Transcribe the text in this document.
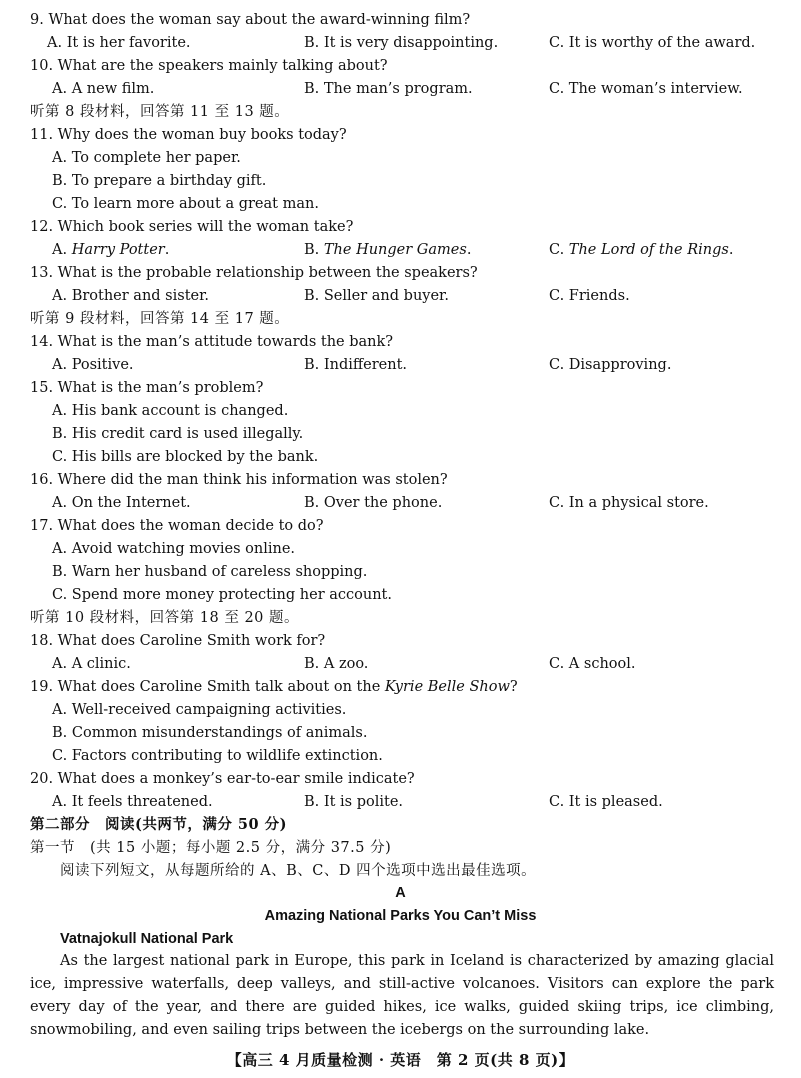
9. What does the woman say about the award-winning film?
A. It is her favorite.	B. It is very disappointing.	C. It is worthy of the award.
10. What are the speakers mainly talking about?
A. A new film.	B. The man’s program.	C. The woman’s interview.
听第 8 段材料，回答第 11 至 13 题。
11. Why does the woman buy books today?
A. To complete her paper.
B. To prepare a birthday gift.
C. To learn more about a great man.
12. Which book series will the woman take?
A. Harry Potter.	B. The Hunger Games.	C. The Lord of the Rings.
13. What is the probable relationship between the speakers?
A. Brother and sister.	B. Seller and buyer.	C. Friends.
听第 9 段材料，回答第 14 至 17 题。
14. What is the man’s attitude towards the bank?
A. Positive.	B. Indifferent.	C. Disapproving.
15. What is the man’s problem?
A. His bank account is changed.
B. His credit card is used illegally.
C. His bills are blocked by the bank.
16. Where did the man think his information was stolen?
A. On the Internet.	B. Over the phone.	C. In a physical store.
17. What does the woman decide to do?
A. Avoid watching movies online.
B. Warn her husband of careless shopping.
C. Spend more money protecting her account.
听第 10 段材料，回答第 18 至 20 题。
18. What does Caroline Smith work for?
A. A clinic.	B. A zoo.	C. A school.
19. What does Caroline Smith talk about on the Kyrie Belle Show?
A. Well-received campaigning activities.
B. Common misunderstandings of animals.
C. Factors contributing to wildlife extinction.
20. What does a monkey’s ear-to-ear smile indicate?
A. It feels threatened.	B. It is polite.	C. It is pleased.
第二部分　阅读(共两节，满分 50 分)
第一节　(共 15 小题；每小题 2.5 分，满分 37.5 分)
阅读下列短文，从每题所给的 A、B、C、D 四个选项中选出最佳选项。
A
Amazing National Parks You Can’t Miss
Vatnajokull National Park
As the largest national park in Europe, this park in Iceland is characterized by amazing glacial ice, impressive waterfalls, deep valleys, and still-active volcanoes. Visitors can explore the park every day of the year, and there are guided hikes, ice walks, guided skiing trips, ice climbing, snowmobiling, and even sailing trips between the icebergs on the surrounding lake.
【高三 4 月质量检测 · 英语　第 2 页(共 8 页)】
